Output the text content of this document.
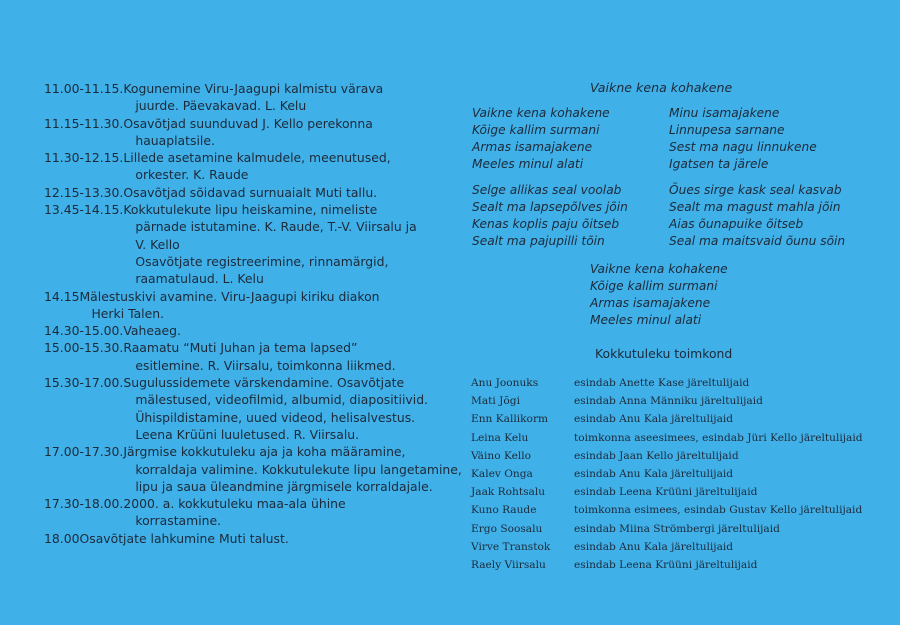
11.00-11.15. Kogunemine Viru-Jaagupi kalmistu värava
juurde. Päevakavad. L. Kelu
11.15-11.30. Osavõtjad suunduvad J. Kello perekonna
hauaplatsile.
11.30-12.15. Lillede asetamine kalmudele, meenutused,
orkester. K. Raude
12.15-13.30. Osavõtjad sõidavad surnuaialt Muti tallu.
13.45-14.15. Kokkutulekute lipu heiskamine, nimeliste
pärnade istutamine. K. Raude, T.-V. Viirsalu ja
V. Kello
Osavõtjate registreerimine, rinnamärgid,
raamatulaud. L. Kelu
14.15 Mälestuskivi avamine. Viru-Jaagupi kiriku diakon
Herki Talen.
14.30-15.00. Vaheaeg.
15.00-15.30. Raamatu “Muti Juhan ja tema lapsed”
esitlemine. R. Viirsalu, toimkonna liikmed.
15.30-17.00. Sugulussidemete värskendamine. Osavõtjate
mälestused, videofilmid, albumid, diapositiivid.
Ühispildistamine, uued videod, helisalvestus.
Leena Krüüni luuletused. R. Viirsalu.
17.00-17.30. Järgmise kokkutuleku aja ja koha määramine,
korraldaja valimine. Kokkutulekute lipu langetamine,
lipu ja saua üleandmine järgmisele korraldajale.
17.30-18.00. 2000. a. kokkutuleku maa-ala ühine
korrastamine.
18.00 Osavõtjate lahkumine Muti talust.
Vaikne kena kohakene
Vaikne kena kohakene
Kõige kallim surmani
Armas isamajakene
Meeles minul alati
Minu isamajakene
Linnupesa sarnane
Sest ma nagu linnukene
Igatsen ta järele
Selge allikas seal voolab
Sealt ma lapsepõlves jõin
Kenas koplis paju õitseb
Sealt ma pajupilli tõin
Õues sirge kask seal kasvab
Sealt ma magust mahla jõin
Aias õunapuike õitseb
Seal ma maitsvaid õunu sõin
Vaikne kena kohakene
Kõige kallim surmani
Armas isamajakene
Meeles minul alati
Kokkutuleku toimkond
Anu Joonuks	esindab Anette Kase järeltulijaid
Mati Jõgi	esindab Anna Männiku järeltulijaid
Enn Kallikorm	esindab Anu Kala järeltulijaid
Leina Kelu	toimkonna aseesimees, esindab Jüri Kello järeltulijaid
Väino Kello	esindab Jaan Kello järeltulijaid
Kalev Onga	esindab Anu Kala järeltulijaid
Jaak Rohtsalu	esindab Leena Krüüni järeltulijaid
Kuno Raude	toimkonna esimees, esindab Gustav Kello järeltulijaid
Ergo Soosalu	esindab Miina Strömbergi järeltulijaid
Virve Transtok	esindab Anu Kala järeltulijaid
Raely Viirsalu	esindab Leena Krüüni järeltulijaid
